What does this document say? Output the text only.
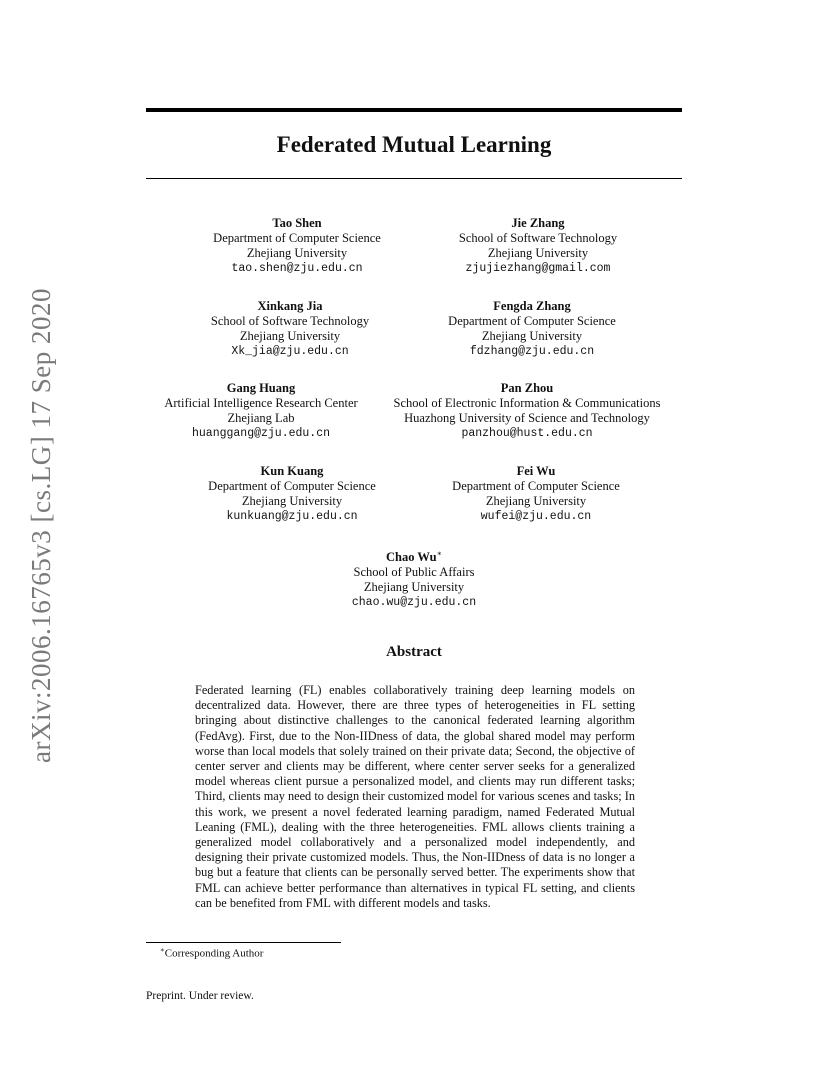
arXiv:2006.16765v3 [cs.LG] 17 Sep 2020
Federated Mutual Learning
Tao Shen
Department of Computer Science
Zhejiang University
tao.shen@zju.edu.cn
Jie Zhang
School of Software Technology
Zhejiang University
zjujiezhang@gmail.com
Xinkang Jia
School of Software Technology
Zhejiang University
Xk_jia@zju.edu.cn
Fengda Zhang
Department of Computer Science
Zhejiang University
fdzhang@zju.edu.cn
Gang Huang
Artificial Intelligence Research Center
Zhejiang Lab
huanggang@zju.edu.cn
Pan Zhou
School of Electronic Information & Communications
Huazhong University of Science and Technology
panzhou@hust.edu.cn
Kun Kuang
Department of Computer Science
Zhejiang University
kunkuang@zju.edu.cn
Fei Wu
Department of Computer Science
Zhejiang University
wufei@zju.edu.cn
Chao Wu∗
School of Public Affairs
Zhejiang University
chao.wu@zju.edu.cn
Abstract
Federated learning (FL) enables collaboratively training deep learning models on decentralized data. However, there are three types of heterogeneities in FL setting bringing about distinctive challenges to the canonical federated learning algorithm (FedAvg). First, due to the Non-IIDness of data, the global shared model may perform worse than local models that solely trained on their private data; Second, the objective of center server and clients may be different, where center server seeks for a generalized model whereas client pursue a personalized model, and clients may run different tasks; Third, clients may need to design their customized model for various scenes and tasks; In this work, we present a novel federated learning paradigm, named Federated Mutual Leaning (FML), dealing with the three heterogeneities. FML allows clients training a generalized model collaboratively and a personalized model independently, and designing their private customized models. Thus, the Non-IIDness of data is no longer a bug but a feature that clients can be personally served better. The experiments show that FML can achieve better performance than alternatives in typical FL setting, and clients can be benefited from FML with different models and tasks.
∗Corresponding Author
Preprint. Under review.
